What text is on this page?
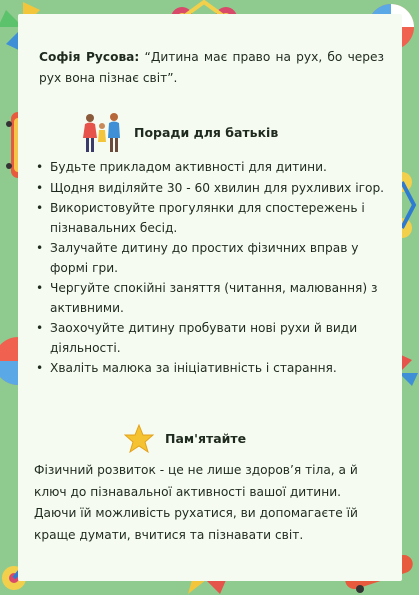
Софія Русова: “Дитина має право на рух, бо через рух вона пізнає світ”.

Поради для батьків
• Будьте прикладом активності для дитини.
• Щодня виділяйте 30 - 60 хвилин для рухливих ігор.
• Використовуйте прогулянки для спостережень і пізнавальних бесід.
• Залучайте дитину до простих фізичних вправ у формі гри.
• Чергуйте спокійні заняття (читання, малювання) з активними.
• Заохочуйте дитину пробувати нові рухи й види діяльності.
• Хваліть малюка за ініціативність і старання.
Пам'ятайте

Фізичний розвиток - це не лише здоров’я тіла, а й ключ до пізнавальної активності вашої дитини. Даючи їй можливість рухатися, ви допомагаєте їй краще думати, вчитися та пізнавати світ.
